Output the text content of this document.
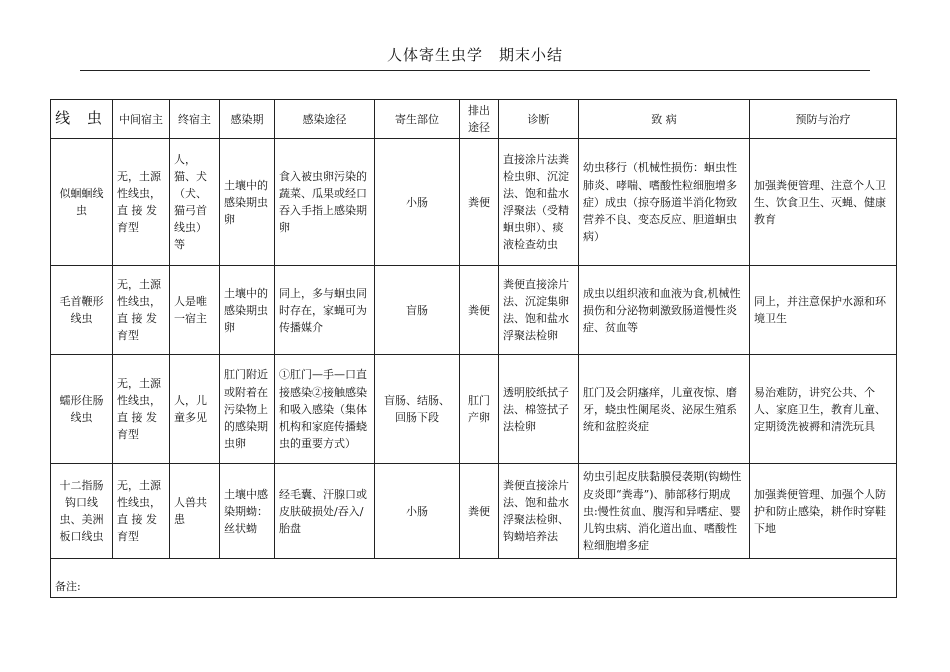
人体寄生虫学　期末小结
线 虫	中间宿主	终宿主	感染期	感染途径	寄生部位	排出途径	诊断	致 病	预防与治疗
似蛔蛔线虫	无，土源性线虫，直 接 发育型	人，猫、犬（犬、猫弓首线虫）等	土壤中的感染期虫卵	食入被虫卵污染的蔬菜、瓜果或经口吞入手指上感染期卵	小肠	粪便	直接涂片法粪检虫卵、沉淀法、饱和盐水浮聚法（受精蛔虫卵）、痰液检查幼虫	幼虫移行（机械性损伤：蛔虫性肺炎、哮喘、嗜酸性粒细胞增多症）成虫（掠夺肠道半消化物致营养不良、变态反应、胆道蛔虫病）	加强粪便管理、注意个人卫生、饮食卫生、灭蝇、健康教育
毛首鞭形线虫	无，土源性线虫，直 接 发育型	人是唯一宿主	土壤中的感染期虫卵	同上，多与蛔虫同时存在，家蝇可为传播媒介	盲肠	粪便	粪便直接涂片法、沉淀集卵法、饱和盐水浮聚法检卵	成虫以组织液和血液为食,机械性损伤和分泌物刺激致肠道慢性炎症、贫血等	同上，并注意保护水源和环境卫生
蠕形住肠线虫	无，土源性线虫，直 接 发育型	人，儿童多见	肛门附近或附着在污染物上的感染期虫卵	①肛门—手—口直接感染②接触感染和吸入感染（集体机构和家庭传播蛲虫的重要方式）	盲肠、结肠、回肠下段	肛门产卵	透明胶纸拭子法、棉签拭子法检卵	肛门及会阴瘙痒，儿童夜惊、磨牙，蛲虫性阑尾炎、泌尿生殖系统和盆腔炎症	易治难防，讲究公共、个人、家庭卫生，教育儿童、定期烫洗被褥和清洗玩具
十二指肠钩口线虫、美洲板口线虫	无，土源性线虫，直 接 发育型	人兽共患	土壤中感染期蚴：丝状蚴	经毛囊、汗腺口或皮肤破损处/吞入/胎盘	小肠	粪便	粪便直接涂片法、饱和盐水浮聚法检卵、钩蚴培养法	幼虫引起皮肤黏膜侵袭期(钩蚴性皮炎即“粪毒”)、肺部移行期成虫:慢性贫血、腹泻和异嗜症、婴儿钩虫病、消化道出血、嗜酸性粒细胞增多症	加强粪便管理、加强个人防护和防止感染，耕作时穿鞋下地
备注:									
